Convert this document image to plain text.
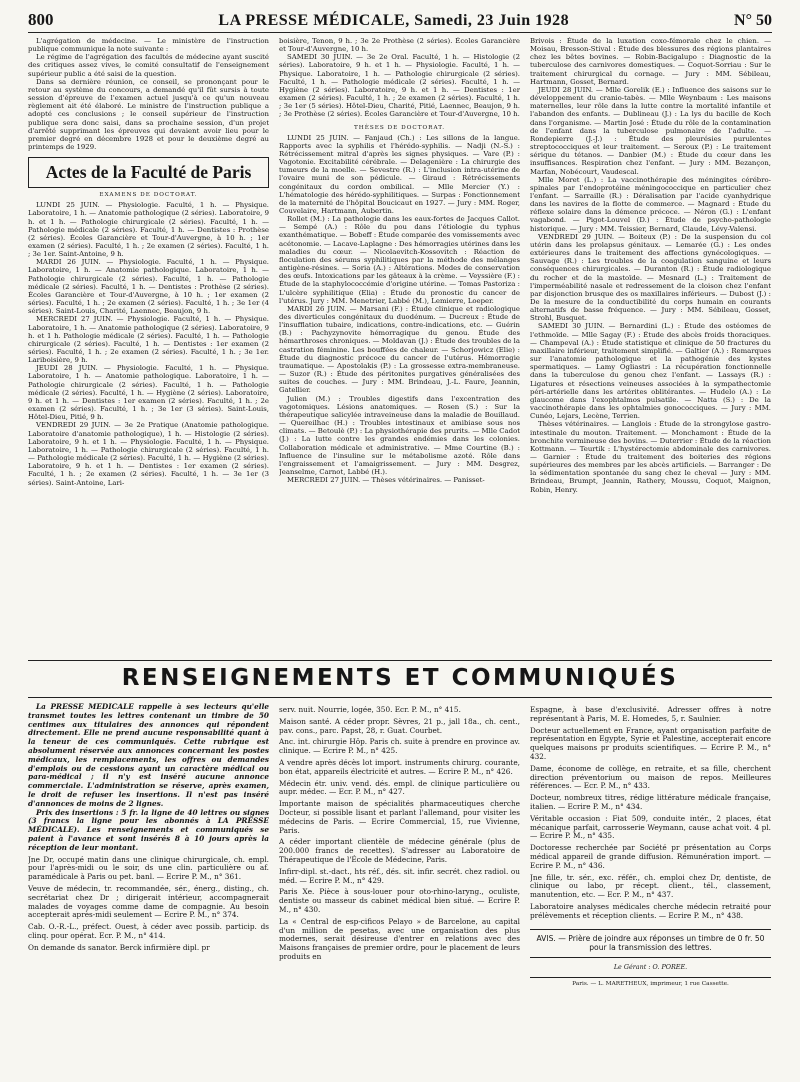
800	LA PRESSE MÉDICALE, Samedi, 23 Juin 1928	N° 50

L'agrégation de médecine. — Le ministère de l'instruction publique communique la note suivante :

Le régime de l'agrégation des facultés de médecine ayant suscité des critiques assez vives, le comité consultatif de l'enseignement supérieur public a été saisi de la question.

Dans sa dernière réunion, ce conseil, se prononçant pour le retour au système du concours, a demandé qu'il fût sursis à toute session d'épreuve de l'examen actuel jusqu'à ce qu'un nouveau règlement ait été élaboré. Le ministre de l'instruction publique a adopté ces conclusions ; le conseil supérieur de l'instruction publique sera donc saisi, dans sa prochaine session, d'un projet d'arrêté supprimant les épreuves qui devaient avoir lieu pour le premier degré en décembre 1928 et pour le deuxième degré au printemps de 1929.

Actes de la Faculté de Paris
EXAMENS DE DOCTORAT.

LUNDI 25 JUIN. — Physiologie. Faculté, 1 h. — Physique. Laboratoire, 1 h. — Anatomie pathologique (2 séries). Laboratoire, 9 h. et 1 h. — Pathologie chirurgicale (2 séries). Faculté, 1 h. — Pathologie médicale (2 séries). Faculté, 1 h. — Dentistes : Prothèse (2 séries). Écoles Garancière et Tour-d'Auvergne, à 10 h. ; 1er examen (2 séries). Faculté, 1 h. ; 2e examen (2 séries). Faculté, 1 h. ; 3e 1er. Saint-Antoine, 9 h.

MARDI 26 JUIN. — Physiologie. Faculté, 1 h. — Physique. Laboratoire, 1 h. — Anatomie pathologique. Laboratoire, 1 h. — Pathologie chirurgicale (2 séries). Faculté, 1 h. — Pathologie médicale (2 séries). Faculté, 1 h. — Dentistes : Prothèse (2 séries). Écoles Garancière et Tour-d'Auvergne, à 10 h. ; 1er examen (2 séries). Faculté, 1 h. ; 2e examen (2 séries). Faculté, 1 h. ; 3e 1er (4 séries). Saint-Louis, Charité, Laennec, Beaujon, 9 h.

MERCREDI 27 JUIN. — Physiologie. Faculté, 1 h. — Physique. Laboratoire, 1 h. — Anatomie pathologique (2 séries). Laboratoire, 9 h. et 1 h. Pathologie médicale (2 séries). Faculté, 1 h. — Pathologie chirurgicale (2 séries). Faculté, 1 h. — Dentistes : 1er examen (2 séries). Faculté, 1 h. ; 2e examen (2 séries). Faculté, 1 h. ; 3e 1er. Lariboisière, 9 h.

JEUDI 28 JUIN. — Physiologie. Faculté, 1 h. — Physique. Laboratoire, 1 h. — Anatomie pathologique. Laboratoire, 1 h. — Pathologie chirurgicale (2 séries). Faculté, 1 h. — Pathologie médicale (2 séries). Faculté, 1 h. — Hygiène (2 séries). Laboratoire, 9 h. et 1 h. — Dentistes : 1er examen (2 séries). Faculté, 1 h. ; 2e examen (2 séries). Faculté, 1 h. ; 3e 1er (3 séries). Saint-Louis, Hôtel-Dieu, Pitié, 9 h.

VENDREDI 29 JUIN. — 3e 2e Pratique (Anatomie pathologique. Laboratoire d'anatomie pathologique), 1 h. — Histologie (2 séries). Laboratoire, 9 h. et 1 h. — Physiologie. Faculté, 1 h. — Physique. Laboratoire, 1 h. — Pathologie chirurgicale (2 séries). Faculté, 1 h. — Pathologie médicale (2 séries). Faculté, 1 h. — Hygiène (2 séries). Laboratoire, 9 h. et 1 h. — Dentistes : 1er examen (2 séries). Faculté, 1 h. ; 2e examen (2 séries). Faculté, 1 h. — 3e 1er (3 séries). Saint-Antoine, Lari-

boisière, Tenon, 9 h. ; 3e 2e Prothèse (2 séries). Écoles Garancière et Tour-d'Auvergne, 10 h.

SAMEDI 30 JUIN. — 3e 2e Oral. Faculté, 1 h. — Histologie (2 séries). Laboratoire, 9 h. et 1 h. — Physiologie. Faculté, 1 h. — Physique. Laboratoire, 1 h. — Pathologie chirurgicale (2 séries). Faculté, 1 h. — Pathologie médicale (2 séries). Faculté, 1 h. — Hygiène (2 séries). Laboratoire, 9 h. et 1 h. — Dentistes : 1er examen (2 séries). Faculté, 1 h. ; 2e examen (2 séries). Faculté, 1 h. ; 3e 1er (5 séries). Hôtel-Dieu, Charité, Pitié, Laennec, Beaujon, 9 h. ; 3e Prothèse (2 séries). Écoles Garancière et Tour-d'Auvergne, 10 h.

THÈSES DE DOCTORAT.

LUNDI 25 JUIN. — Fanjaud (Ch.) : Les sillons de la langue. Rapports avec la syphilis et l'hérédo-syphilis. — Nadji (N.-S.) : Rétrécissement mitral d'après les signes physiques. — Vare (P.) : Vagotonie. Excitabilité cérébrale. — Delagenière : La chirurgie des tumeurs de la moelle. — Sevestre (R.) : L'inclusion intra-utérine de l'ovaire muni de son pédicule. — Giraud : Rétrécissements congénitaux du cordon ombilical. — Mlle Mercier (Y.) : L'hématologie des hérédo-syphilitiques. — Surpas : Fonctionnement de la maternité de l'hôpital Boucicaut en 1927. — Jury : MM. Roger, Couvelaire, Hartmann, Aubertin.

Rollet (M.) : La pathologie dans les eaux-fortes de Jacques Callot. — Sempé (A.) : Rôle du pou dans l'étiologie du typhus exanthématique. — Bobeff : Étude comparée des vomissements avec acétonomie. — Lacave-Laplagne : Des hémorragies utérines dans les maladies du cœur. — Nicolaevitch-Kossovitch : Réaction de floculation des sérums syphilitiques par la méthode des mélanges antigène-résines. — Soria (A.) : Altérations. Modes de conservation des œufs. Intoxications par les gâteaux à la crème. — Veyssière (F.) : Étude de la staphylococcémie d'origine utérine. — Tomas Pastoriza : L'ulcère syphilitique (Elia) : Étude du pronostic du cancer de l'utérus. Jury : MM. Menetrier, Labbé (M.), Lemierre, Loeper.

MARDI 26 JUIN. — Marsani (F.) : Étude clinique et radiologique des diverticules congénitaux du duodénum. — Ducreux : Étude de l'insufflation tubaire, indications, contre-indications, etc. — Guérin (B.) : Pachyzynovite hémorragique du genou. Étude des hémarthroses chroniques. — Moldavan (J.) : Étude des troubles de la castration féminine. Les bouffées de chaleur. — Schorjowicz (Elie) : Étude du diagnostic précoce du cancer de l'utérus. Hémorragie traumatique. — Apostolakis (P.) : La grossesse extra-membraneuse. — Suzor (R.) : Étude des péritonites purgatives généralisées des suites de couches. — Jury : MM. Brindeau, J.-L. Faure, Jeannin, Gatellier.

Julien (M.) : Troubles digestifs dans l'excentration des vagotomiques. Lésions anatomiques. — Rosen (S.) : Sur la thérapeutique salicylée intraveineuse dans la maladie de Bouillaud. — Quereilhac (H.) : Troubles intestinaux et amibiase sous nos climats. — Betoulè (P.) : La physiothérapie des prurits. — Mlle Cadot (J.) : La lutte contre les grandes endémies dans les colonies. Collaboration médicale et administrative. — Mme Courtine (B.) : Influence de l'insuline sur le métabolisme azoté. Rôle dans l'engraissement et l'amaigrissement. — Jury : MM. Desgrez, Jeanselme, Carnot, Labbé (H.).

MERCREDI 27 JUIN. — Thèses vétérinaires. — Panisset-

Brivois : Étude de la luxation coxo-fémorale chez le chien. — Moisau, Bresson-Stival : Étude des blessures des régions plantaires chez les bêtes bovines. — Robin-Bacigalupo : Diagnostic de la tuberculose des carnivores domestiques. — Coquot-Sorriau : Sur le traitement chirurgical du cornage. — Jury : MM. Sébileau, Hartmann, Gosset, Bernard.

JEUDI 28 JUIN. — Mlle Gorelik (E.) : Influence des saisons sur le développement du cranio-tabès. — Mlle Weynbaum : Les maisons maternelles, leur rôle dans la lutte contre la mortalité infantile et l'abandon des enfants. — Dublineau (J.) : La lys du bacille de Koch dans l'organisme. — Martin José : Étude du rôle de la contamination de l'enfant dans la tuberculose pulmonaire de l'adulte. — Rondepierre (J.-J.) : Étude des pleurésies purulentes streptococciques et leur traitement. — Seroux (P.) : Le traitement sérique du tétanos. — Danbier (M.) : Étude du cœur dans les insuffisances. Respiration chez l'enfant. — Jury : MM. Bezançon, Marfan, Nobécourt, Vaudescal.

Mlle Moret (L.) : La vaccinothérapie des méningites cérébro-spinales par l'endoprotéine méningococcique en particulier chez l'enfant. — Sarraille (R.) : Déralisation par l'acide cyanhydrique dans les navires de la flotte de commerce. — Magnard : Étude du réflexe solaire dans la démence précoce. — Néron (G.) : L'enfant vagabond. — Pigot-Louvel (D.) : Étude de psycho-pathologie historique. — Jury : MM. Teissier, Bernard, Claude, Lévy-Valensi.

VENDREDI 29 JUIN. — Boiteux (P.) : De la suspension du col utérin dans les prolapsus génitaux. — Lemarée (G.) : Les ondes extérieures dans le traitement des affections gynécologiques. — Sauvage (R.) : Les troubles de la coagulation sanguine et leurs conséquences chirurgicales. — Duranton (R.) : Étude radiologique du rocher et de la mastoïde. — Mesnard (L.) : Traitement de l'imperméabilité nasale et redressement de la cloison chez l'enfant par disjonction brusque des os maxillaires inférieurs. — Dubost (J.) : De la mesure de la conductibilité du corps humain en courants alternatifs de basse fréquence. — Jury : MM. Sébileau, Gosset, Strohl, Busquet.

SAMEDI 30 JUIN. — Bernardini (L.) : Étude des ostéomes de l'ethmoïde. — Mlle Sagay (F.) : Étude des abcès froids thoraciques. — Champeval (A.) : Étude statistique et clinique de 50 fractures du maxillaire inférieur, traitement simplifié. — Galtier (A.) : Remarques sur l'anatomie pathologique et la pathogénie des kystes spermatiques. — Lamy Ogliastri : La récupération fonctionnelle dans la tuberculose du genou chez l'enfant. — Lassays (R.) : Ligatures et résections veineuses associées à la sympathectomie péri-artérielle dans les artérites oblitérantes. — Hudelo (A.) : Le glaucome dans l'exophtalmos pulsatile. — Natta (S.) : De la vaccinothérapie dans les ophtalmies gonococciques. — Jury : MM. Cunéo, Lejars, Lecène, Terrien.

Thèses vétérinaires. — Langlois : Étude de la strongylose gastro-intestinale du mouton. Traitement. — Monchamont : Étude de la bronchite vermineuse des bovins. — Duterrier : Étude de la réaction Kottmann. — Teurtik : L'hystérectomie abdominale des carnivores. — Garnier : Étude du traitement des boiteries des régions supérieures des membres par les abcès artificiels. — Barranger : De la sédimentation spontanée du sang chez le cheval — Jury : MM. Brindeau, Brumpt, Jeannin, Rathery, Moussu, Coquot, Maignon, Robin, Henry.

RENSEIGNEMENTS ET COMMUNIQUÉS

La PRESSE MÉDICALE rappelle à ses lecteurs qu'elle transmet toutes les lettres contenant un timbre de 50 centimes aux titulaires des annonces qui répondent directement. Elle ne prend aucune responsabilité quant à la teneur de ces communiqués. Cette rubrique est absolument réservée aux annonces concernant les postes médicaux, les remplacements, les offres ou demandes d'emplois ou de cessions ayant un caractère médical ou para-médical ; il n'y est inséré aucune annonce commerciale. L'administration se réserve, après examen, le droit de refuser les insertions. Il n'est pas inséré d'annonces de moins de 2 lignes.

Prix des insertions : 5 fr. la ligne de 40 lettres ou signes (3 francs la ligne pour les abonnés à LA PRESSE MÉDICALE). Les renseignements et communiqués se paient à l'avance et sont insérés 8 à 10 jours après la réception de leur montant.

Jne Dr, occupé matin dans une clinique chirurgicale, ch. empl. pour l'après-midi ou le soir, ds une clin. particulière ou af. paramédicale à Paris ou pet. banl. — Ecrire P. M., n° 361.

Veuve de médecin, tr. recommandée, sér., énerg., disting., ch. secrétariat chez Dr ; dirigerait intérieur, accompagnerait malades de voyages comme dame de compagnie. Au besoin accepterait après-midi seulement — Ecrire P. M., n° 374.

Cab. O.-R.-L., préfect. Ouest, à céder avec possib. particip. ds clinq. pour opérat. Ecr. P. M., n° 414.

On demande ds sanator. Berck infirmière dipl. pr

serv. nuit. Nourrie, logée, 350. Ecr. P. M., n° 415.

Maison santé. A céder propr. Sèvres, 21 p., jall 18a., ch. cent., pav. cons., parc. Papst, 28, r. Guat. Courbet.

Anc. int. chirurgie Hôp. Paris ch. suite à prendre en province av. clinique. — Ecrire P. M., n° 425.

A vendre après décès lot import. instruments chirurg. courante, bon état, appareils électricité et autres. — Ecrire P. M., n° 426.

Médecin étr. univ. vend. dés. empl. de clinique particulière ou aupr. médec. — Ecr. P. M., n° 427.

Importante maison de spécialités pharmaceutiques cherche Docteur, si possible lisant et parlant l'allemand, pour visiter les médecins de Paris. — Ecrire Commercial, 15, rue Vivienne, Paris.

A céder important clientèle de médecine générale (plus de 200.000 francs de recettes). S'adresser au Laboratoire de Thérapeutique de l'École de Médecine, Paris.

Infirr-dipl. st.-dact., hts réf., dés. sit. infir. secrét. chez radiol. ou méd. — Ecrire P. M., n° 429.

Paris Xe. Pièce à sous-louer pour oto-rhino-laryng., oculiste, dentiste ou masseur ds cabinet médical bien situé. — Ecrire P. M., n° 430.

La « Central de esp-cificos Pelayo » de Barcelone, au capital d'un million de pesetas, avec une organisation des plus modernes, serait désireuse d'entrer en relations avec des Maisons françaises de premier ordre, pour le placement de leurs produits en

Espagne, à base d'exclusivité. Adresser offres à notre représentant à Paris, M. E. Homedes, 5, r. Saulnier.

Docteur actuellement en France, ayant organisation parfaite de représentation en Egypte, Syrie et Palestine, accepterait encore quelques maisons pr produits scientifiques. — Ecrire P. M., n° 432.

Dame, économe de collège, en retraite, et sa fille, cherchent direction préventorium ou maison de repos. Meilleures références. — Ecr. P. M., n° 433.

Docteur, nombreux titres, rédige littérature médicale française, italien. — Ecrire P. M., n° 434.

Véritable occasion : Fiat 509, conduite intér., 2 places, état mécanique parfait, carrosserie Weymann, cause achat voit. 4 pl. — Ecrire P. M., n° 435.

Doctoresse recherchée par Société pr présentation au Corps médical appareil de grande diffusion. Rémunération import. — Ecrire P. M., n° 436.

Jne fille, tr. sér., exc. référ., ch. emploi chez Dr, dentiste, de clinique ou labo, pr récept. client., tél., classement, manutention, etc. — Ecr. P. M., n° 437.

Laboratoire analyses médicales cherche médecin retraité pour prélèvements et réception clients. — Ecrire P. M., n° 438.

AVIS. — Prière de joindre aux réponses un timbre de 0 fr. 50 pour la transmission des lettres.
Le Gérant : O. POREE.
Paris. — L. MARETHEUX, imprimeur, 1 rue Cassette.
